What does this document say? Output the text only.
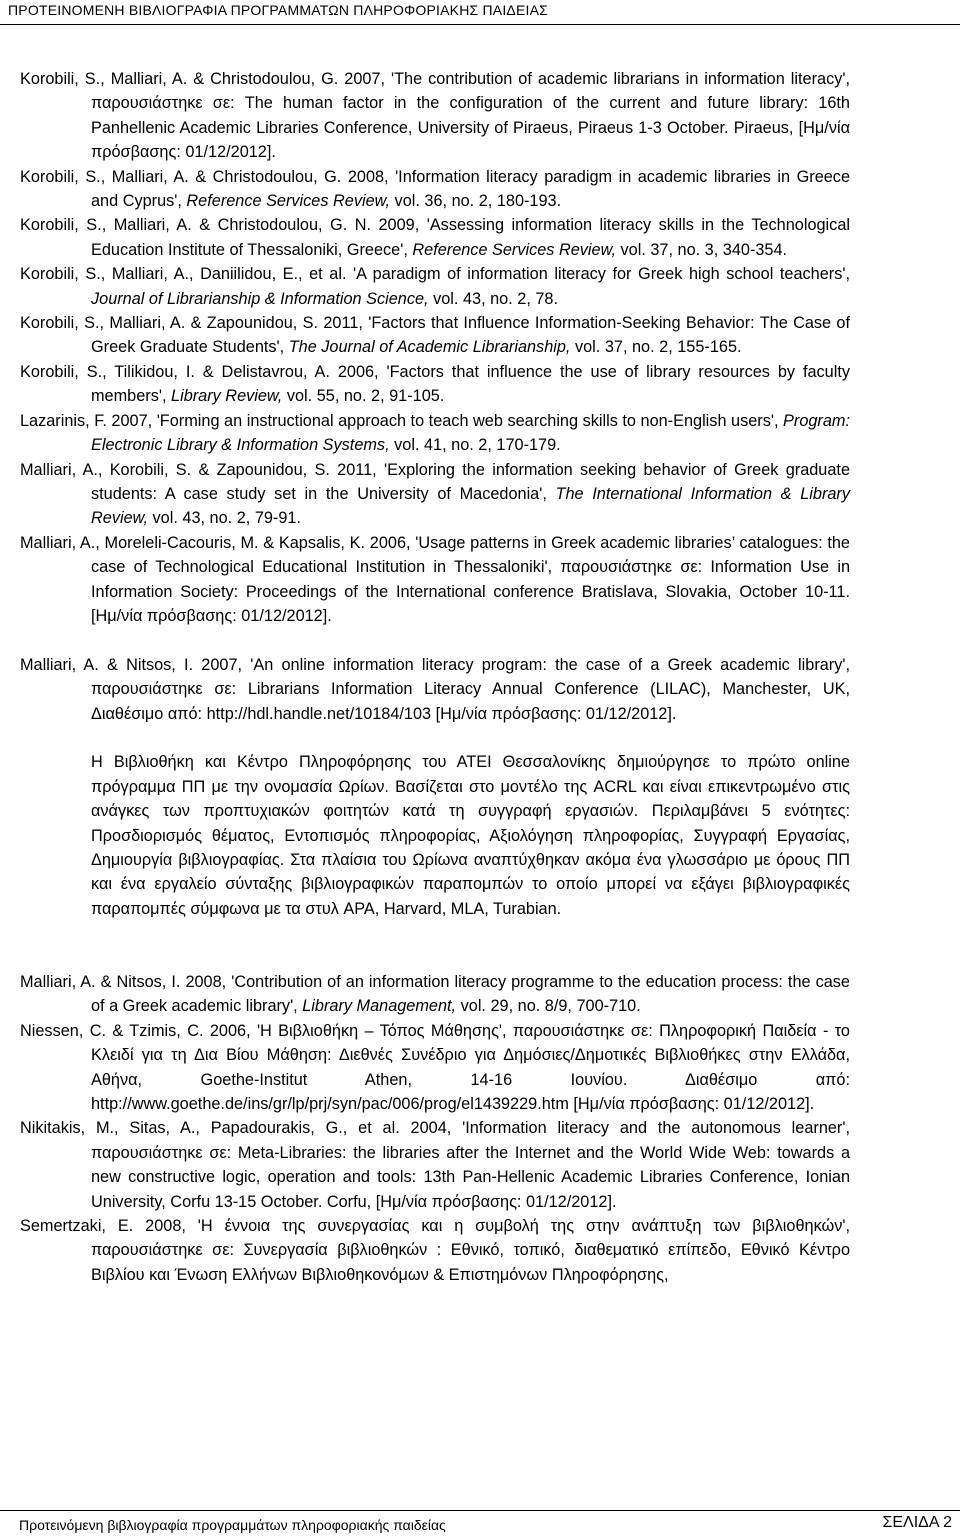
ΠΡΟΤΕΙΝΟΜΕΝΗ ΒΙΒΛΙΟΓΡΑΦΙΑ ΠΡΟΓΡΑΜΜΑΤΩΝ ΠΛΗΡΟΦΟΡΙΑΚΗΣ ΠΑΙΔΕΙΑΣ

Korobili, S., Malliari, A. & Christodoulou, G. 2007, 'The contribution of academic librarians in information literacy', παρουσιάστηκε σε: The human factor in the configuration of the current and future library: 16th Panhellenic Academic Libraries Conference, University of Piraeus, Piraeus 1-3 October. Piraeus, [Ημ/νία πρόσβασης: 01/12/2012].

Korobili, S., Malliari, A. & Christodoulou, G. 2008, 'Information literacy paradigm in academic libraries in Greece and Cyprus', Reference Services Review, vol. 36, no. 2, 180-193.

Korobili, S., Malliari, A. & Christodoulou, G. N. 2009, 'Assessing information literacy skills in the Technological Education Institute of Thessaloniki, Greece', Reference Services Review, vol. 37, no. 3, 340-354.

Korobili, S., Malliari, A., Daniilidou, E., et al. 'A paradigm of information literacy for Greek high school teachers', Journal of Librarianship & Information Science, vol. 43, no. 2, 78.

Korobili, S., Malliari, A. & Zapounidou, S. 2011, 'Factors that Influence Information-Seeking Behavior: The Case of Greek Graduate Students', The Journal of Academic Librarianship, vol. 37, no. 2, 155-165.

Korobili, S., Tilikidou, I. & Delistavrou, A. 2006, 'Factors that influence the use of library resources by faculty members', Library Review, vol. 55, no. 2, 91-105.

Lazarinis, F. 2007, 'Forming an instructional approach to teach web searching skills to non-English users', Program: Electronic Library & Information Systems, vol. 41, no. 2, 170-179.

Malliari, A., Korobili, S. & Zapounidou, S. 2011, 'Exploring the information seeking behavior of Greek graduate students: A case study set in the University of Macedonia', The International Information & Library Review, vol. 43, no. 2, 79-91.

Malliari, A., Moreleli-Cacouris, M. & Kapsalis, K. 2006, 'Usage patterns in Greek academic libraries’ catalogues: the case of Technological Educational Institution in Thessaloniki', παρουσιάστηκε σε: Information Use in Information Society: Proceedings of the International conference Bratislava, Slovakia, October 10-11. [Ημ/νία πρόσβασης: 01/12/2012].

Malliari, A. & Nitsos, I. 2007, 'An online information literacy program: the case of a Greek academic library', παρουσιάστηκε σε: Librarians Information Literacy Annual Conference (LILAC), Manchester, UK, Διαθέσιμο από: http://hdl.handle.net/10184/103 [Ημ/νία πρόσβασης: 01/12/2012].

Η Βιβλιοθήκη και Κέντρο Πληροφόρησης του ΑΤΕΙ Θεσσαλονίκης δημιούργησε το πρώτο online πρόγραμμα ΠΠ με την ονομασία Ωρίων. Βασίζεται στο μοντέλο της ACRL και είναι επικεντρωμένο στις ανάγκες των προπτυχιακών φοιτητών κατά τη συγγραφή εργασιών. Περιλαμβάνει 5 ενότητες: Προσδιορισμός θέματος, Εντοπισμός πληροφορίας, Αξιολόγηση πληροφορίας, Συγγραφή Εργασίας, Δημιουργία βιβλιογραφίας. Στα πλαίσια του Ωρίωνα αναπτύχθηκαν ακόμα ένα γλωσσάριο με όρους ΠΠ και ένα εργαλείο σύνταξης βιβλιογραφικών παραπομπών το οποίο μπορεί να εξάγει βιβλιογραφικές παραπομπές σύμφωνα με τα στυλ APA, Harvard, MLA, Turabian.

Malliari, A. & Nitsos, I. 2008, 'Contribution of an information literacy programme to the education process: the case of a Greek academic library', Library Management, vol. 29, no. 8/9, 700-710.

Niessen, C. & Tzimis, C. 2006, 'Η Βιβλιοθήκη – Τόπος Μάθησης', παρουσιάστηκε σε: Πληροφορική Παιδεία - το Κλειδί για τη Δια Βίου Μάθηση: Διεθνές Συνέδριο για Δημόσιες/Δημοτικές Βιβλιοθήκες στην Ελλάδα, Αθήνα, Goethe-Institut Athen, 14-16 Ιουνίου. Διαθέσιμο από: http://www.goethe.de/ins/gr/lp/prj/syn/pac/006/prog/el1439229.htm [Ημ/νία πρόσβασης: 01/12/2012].

Nikitakis, M., Sitas, A., Papadourakis, G., et al. 2004, 'Information literacy and the autonomous learner', παρουσιάστηκε σε: Meta-Libraries: the libraries after the Internet and the World Wide Web: towards a new constructive logic, operation and tools: 13th Pan-Hellenic Academic Libraries Conference, Ionian University, Corfu 13-15 October. Corfu, [Ημ/νία πρόσβασης: 01/12/2012].

Semertzaki, E. 2008, 'Η έννοια της συνεργασίας και η συμβολή της στην ανάπτυξη των βιβλιοθηκών', παρουσιάστηκε σε: Συνεργασία βιβλιοθηκών : Εθνικό, τοπικό, διαθεματικό επίπεδο, Εθνικό Κέντρο Βιβλίου και Ένωση Ελλήνων Βιβλιοθηκονόμων & Επιστημόνων Πληροφόρησης,

Προτεινόμενη βιβλιογραφία προγραμμάτων πληροφοριακής παιδείας	ΣΕΛΙΔΑ 2
